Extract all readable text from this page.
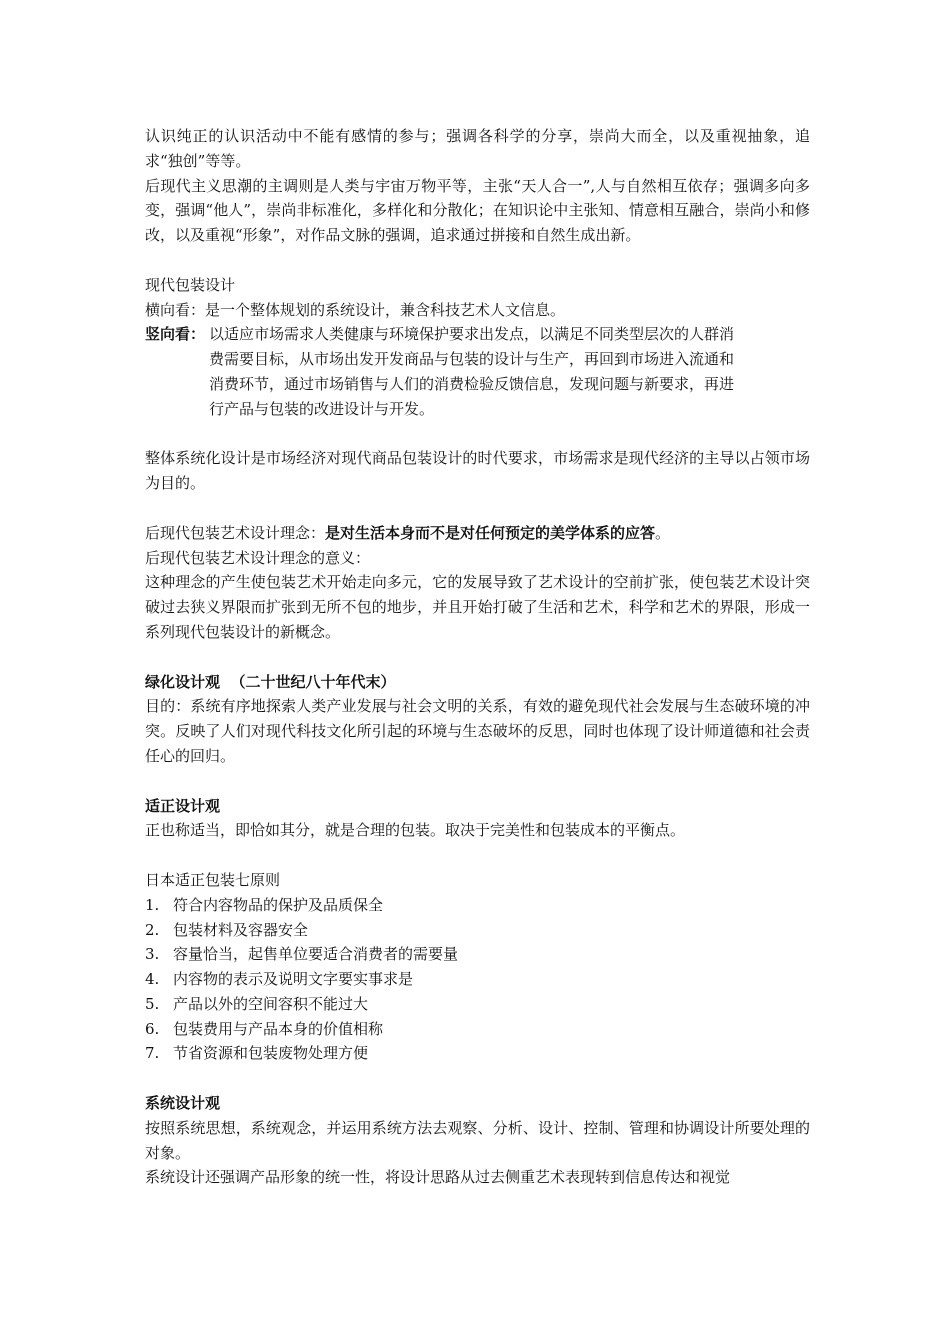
认识纯正的认识活动中不能有感情的参与；强调各科学的分享，崇尚大而全，以及重视抽象，追求“独创”等等。

后现代主义思潮的主调则是人类与宇宙万物平等，主张“天人合一”,人与自然相互依存；强调多向多变，强调“他人”，崇尚非标准化，多样化和分散化；在知识论中主张知、情意相互融合，崇尚小和修改，以及重视“形象”，对作品文脉的强调，追求通过拼接和自然生成出新。

现代包装设计

横向看：是一个整体规划的系统设计，兼含科技艺术人文信息。

竖向看： 以适应市场需求人类健康与环境保护要求出发点，以满足不同类型层次的人群消
费需要目标，从市场出发开发商品与包装的设计与生产，再回到市场进入流通和
消费环节，通过市场销售与人们的消费检验反馈信息，发现问题与新要求，再进
行产品与包装的改进设计与开发。

整体系统化设计是市场经济对现代商品包装设计的时代要求，市场需求是现代经济的主导以占领市场为目的。

后现代包装艺术设计理念：是对生活本身而不是对任何预定的美学体系的应答。

后现代包装艺术设计理念的意义：

这种理念的产生使包装艺术开始走向多元，它的发展导致了艺术设计的空前扩张，使包装艺术设计突破过去狭义界限而扩张到无所不包的地步，并且开始打破了生活和艺术，科学和艺术的界限，形成一系列现代包装设计的新概念。

绿化设计观  （二十世纪八十年代末）

目的：系统有序地探索人类产业发展与社会文明的关系，有效的避免现代社会发展与生态破环境的冲突。反映了人们对现代科技文化所引起的环境与生态破坏的反思，同时也体现了设计师道德和社会责任心的回归。

适正设计观

正也称适当，即恰如其分，就是合理的包装。取决于完美性和包装成本的平衡点。

日本适正包装七原则

1. 符合内容物品的保护及品质保全
2. 包装材料及容器安全
3. 容量恰当，起售单位要适合消费者的需要量
4. 内容物的表示及说明文字要实事求是
5. 产品以外的空间容积不能过大
6. 包装费用与产品本身的价值相称
7. 节省资源和包装废物处理方便

系统设计观

按照系统思想，系统观念，并运用系统方法去观察、分析、设计、控制、管理和协调设计所要处理的对象。

系统设计还强调产品形象的统一性，将设计思路从过去侧重艺术表现转到信息传达和视觉
